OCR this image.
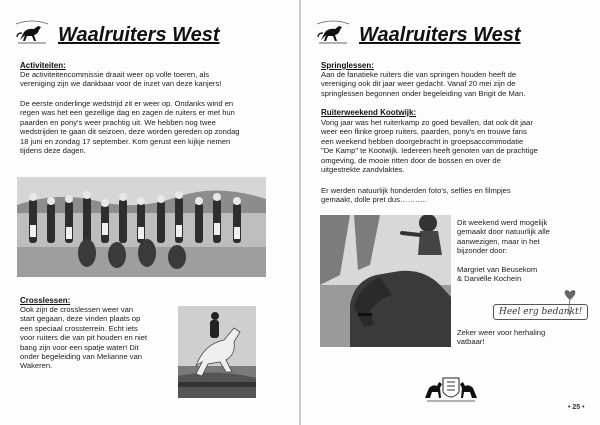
Waalruiters West
Activiteiten:
De activiteitencommissie draait weer op volle toeren, als
vereniging zijn we dankbaar voor de inzet van deze kanjers!
De eerste onderlinge wedstrijd zit er weer op. Ondanks wind en
regen was het een gezellige dag en zagen de ruiters er met hun
paarden en pony's weer prachtig uit. We hebben nog twee
wedstrijden te gaan dit seizoen, deze worden gereden op zondag
18 juni en zondag 17 september. Kom gerust een kijkje nemen
tijdens deze dagen.
Crosslessen:
Ook zijn de crosslessen weer van
start gegaan, deze vinden plaats op
een speciaal crossterrein. Echt iets
voor ruiters die van pit houden en niet
bang zijn voor een spatje water! Dit
onder begeleiding van Melianne van
Wakeren.
Waalruiters West
Springlessen:
Aan de fanatieke ruiters die van springen houden heeft de
vereniging ook dit jaar weer gedacht. Vanaf 20 mei zijn de
springlessen begonnen onder begeleiding van Brigit de Man.
Ruiterweekend Kootwijk:
Vorig jaar was het ruiterkamp zo goed bevallen, dat ook dit jaar
weer een flinke groep ruiters, paarden, pony's en trouwe fans
een weekend hebben doorgebracht in groepsaccommodatie
"De Kamp" te Kootwijk. Iedereen heeft genoten van de prachtige
omgeving, de mooie ritten door de bossen en over de
uitgestrekte zandvlaktes.
Er werden natuurlijk honderden foto's, selfies en filmpjes
gemaakt, dolle pret dus………..
Dit weekend werd mogelijk
gemaakt door natuurlijk alle
aanwezigen, maar in het
bijzonder door:
Margriet van Beusekom
& Daniëlle Kochein
Heel erg bedankt!
Zeker weer voor herhaling
vatbaar!
• 25 •
